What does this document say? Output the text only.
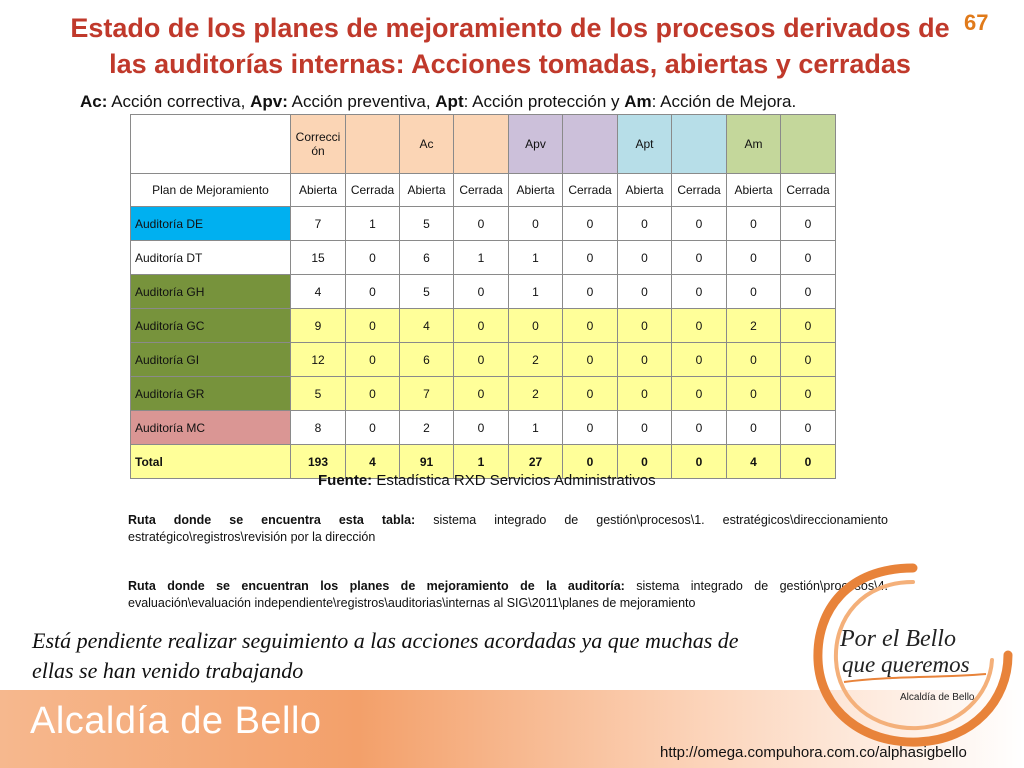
Estado de los planes de mejoramiento de los procesos derivados de
las auditorías internas: Acciones tomadas, abiertas y cerradas
67
Ac: Acción correctiva, Apv: Acción preventiva, Apt: Acción protección y Am: Acción de Mejora.
	Correcci ón		Ac		Apv		Apt		Am	
Plan de Mejoramiento	Abierta	Cerrada	Abierta	Cerrada	Abierta	Cerrada	Abierta	Cerrada	Abierta	Cerrada
Auditoría DE	7	1	5	0	0	0	0	0	0	0
Auditoría DT	15	0	6	1	1	0	0	0	0	0
Auditoría GH	4	0	5	0	1	0	0	0	0	0
Auditoría GC	9	0	4	0	0	0	0	0	2	0
Auditoría GI	12	0	6	0	2	0	0	0	0	0
Auditoría GR	5	0	7	0	2	0	0	0	0	0
Auditoría MC	8	0	2	0	1	0	0	0	0	0
Total	193	4	91	1	27	0	0	0	4	0
Fuente: Estadística RXD Servicios Administrativos
Ruta donde se encuentra esta tabla: sistema integrado de gestión\procesos\1. estratégicos\direccionamiento estratégico\registros\revisión por la dirección
Ruta donde se encuentran los planes de mejoramiento de la auditoría: sistema integrado de gestión\procesos\4. evaluación\evaluación independiente\registros\auditorias\internas al SIG\2011\planes de mejoramiento
Está pendiente realizar seguimiento a las acciones acordadas ya que muchas de ellas se han venido trabajando
Alcaldía de Bello
http://omega.compuhora.com.co/alphasigbello
Por el Bello
que queremos
Alcaldía de Bello
